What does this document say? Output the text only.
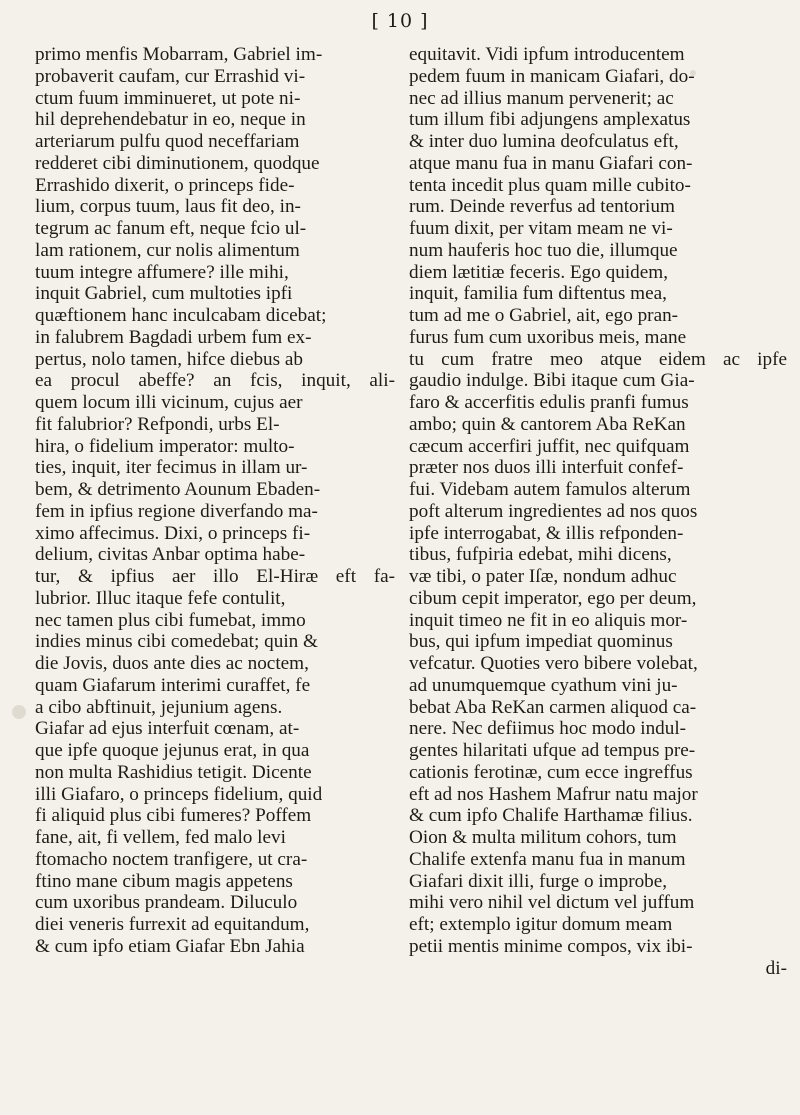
[ 10 ]
primo menfis Mobarram, Gabriel im-
probaverit caufam, cur Errashid vi-
ctum fuum imminueret, ut pote ni-
hil deprehendebatur in eo, neque in
arteriarum pulfu quod neceffariam
redderet cibi diminutionem, quodque
Errashido dixerit, o princeps fide-
lium, corpus tuum, laus fit deo, in-
tegrum ac fanum eft, neque fcio ul-
lam rationem, cur nolis alimentum
tuum integre affumere? ille mihi,
inquit Gabriel, cum multoties ipfi
quæftionem hanc inculcabam dicebat;
in falubrem Bagdadi urbem fum ex-
pertus, nolo tamen, hifce diebus ab
ea procul abeffe? an fcis, inquit, ali-
quem locum illi vicinum, cujus aer
fit falubrior? Refpondi, urbs El-
hira, o fidelium imperator: multo-
ties, inquit, iter fecimus in illam ur-
bem, & detrimento Aounum Ebaden-
fem in ipfius regione diverfando ma-
ximo affecimus. Dixi, o princeps fi-
delium, civitas Anbar optima habe-
tur, & ipfius aer illo El-Hiræ eft fa-
lubrior. Illuc itaque fefe contulit,
nec tamen plus cibi fumebat, immo
indies minus cibi comedebat; quin &
die Jovis, duos ante dies ac noctem,
quam Giafarum interimi curaffet, fe
a cibo abftinuit, jejunium agens.
Giafar ad ejus interfuit cœnam, at-
que ipfe quoque jejunus erat, in qua
non multa Rashidius tetigit. Dicente
illi Giafaro, o princeps fidelium, quid
fi aliquid plus cibi fumeres? Poffem
fane, ait, fi vellem, fed malo levi
ftomacho noctem tranfigere, ut cra-
ftino mane cibum magis appetens
cum uxoribus prandeam. Diluculo
diei veneris furrexit ad equitandum,
& cum ipfo etiam Giafar Ebn Jahia
equitavit. Vidi ipfum introducentem
pedem fuum in manicam Giafari, do-
nec ad illius manum pervenerit; ac
tum illum fibi adjungens amplexatus
& inter duo lumina deofculatus eft,
atque manu fua in manu Giafari con-
tenta incedit plus quam mille cubito-
rum. Deinde reverfus ad tentorium
fuum dixit, per vitam meam ne vi-
num hauferis hoc tuo die, illumque
diem lætitiæ feceris. Ego quidem,
inquit, familia fum diftentus mea,
tum ad me o Gabriel, ait, ego pran-
furus fum cum uxoribus meis, mane
tu cum fratre meo atque eidem ac ipfe
gaudio indulge. Bibi itaque cum Gia-
faro & accerfitis edulis pranfi fumus
ambo; quin & cantorem Aba ReKan
cæcum accerfiri juffit, nec quifquam
præter nos duos illi interfuit confef-
fui. Videbam autem famulos alterum
poft alterum ingredientes ad nos quos
ipfe interrogabat, & illis refponden-
tibus, fufpiria edebat, mihi dicens,
væ tibi, o pater Iſæ, nondum adhuc
cibum cepit imperator, ego per deum,
inquit timeo ne fit in eo aliquis mor-
bus, qui ipfum impediat quominus
vefcatur. Quoties vero bibere volebat,
ad unumquemque cyathum vini ju-
bebat Aba ReKan carmen aliquod ca-
nere. Nec defiimus hoc modo indul-
gentes hilaritati ufque ad tempus pre-
cationis ferotinæ, cum ecce ingreffus
eft ad nos Hashem Mafrur natu major
& cum ipfo Chalife Harthamæ filius.
Oion & multa militum cohors, tum
Chalife extenfa manu fua in manum
Giafari dixit illi, furge o improbe,
mihi vero nihil vel dictum vel juffum
eft; extemplo igitur domum meam
petii mentis minime compos, vix ibi-
di-
